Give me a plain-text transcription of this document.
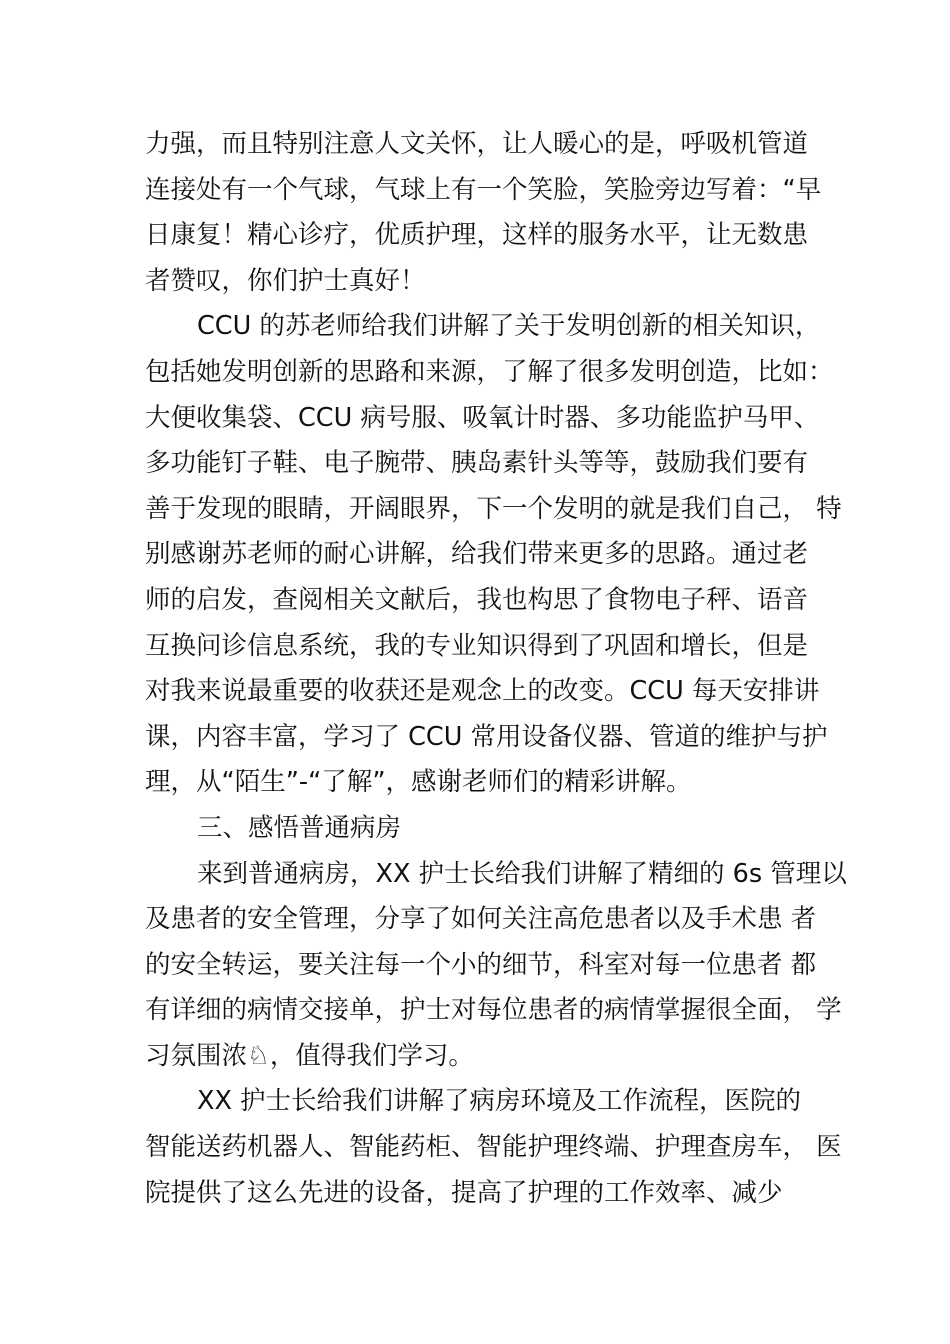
力强，而且特别注意人文关怀，让人暖心的是，呼吸机管道
连接处有一个气球，气球上有一个笑脸，笑脸旁边写着：“早
日康复！精心诊疗，优质护理，这样的服务水平，让无数患
者赞叹，你们护士真好！
CCU 的苏老师给我们讲解了关于发明创新的相关知识，
包括她发明创新的思路和来源，了解了很多发明创造，比如：
大便收集袋、CCU 病号服、吸氧计时器、多功能监护马甲、
多功能钉子鞋、电子腕带、胰岛素针头等等，鼓励我们要有
善于发现的眼睛，开阔眼界，下一个发明的就是我们自己， 特
别感谢苏老师的耐心讲解，给我们带来更多的思路。通过老
师的启发，查阅相关文献后，我也构思了食物电子秤、语音
互换问诊信息系统，我的专业知识得到了巩固和增长，但是
对我来说最重要的收获还是观念上的改变。CCU 每天安排讲
课，内容丰富，学习了 CCU 常用设备仪器、管道的维护与护
理，从“陌生”-“了解”，感谢老师们的精彩讲解。
三、感悟普通病房
来到普通病房，XX 护士长给我们讲解了精细的 6s 管理以
及患者的安全管理，分享了如何关注高危患者以及手术患 者
的安全转运，要关注每一个小的细节，科室对每一位患者 都
有详细的病情交接单，护士对每位患者的病情掌握很全面， 学
习氛围浓♘，值得我们学习。
XX 护士长给我们讲解了病房环境及工作流程，医院的
智能送药机器人、智能药柜、智能护理终端、护理查房车， 医
院提供了这么先进的设备，提高了护理的工作效率、减少
